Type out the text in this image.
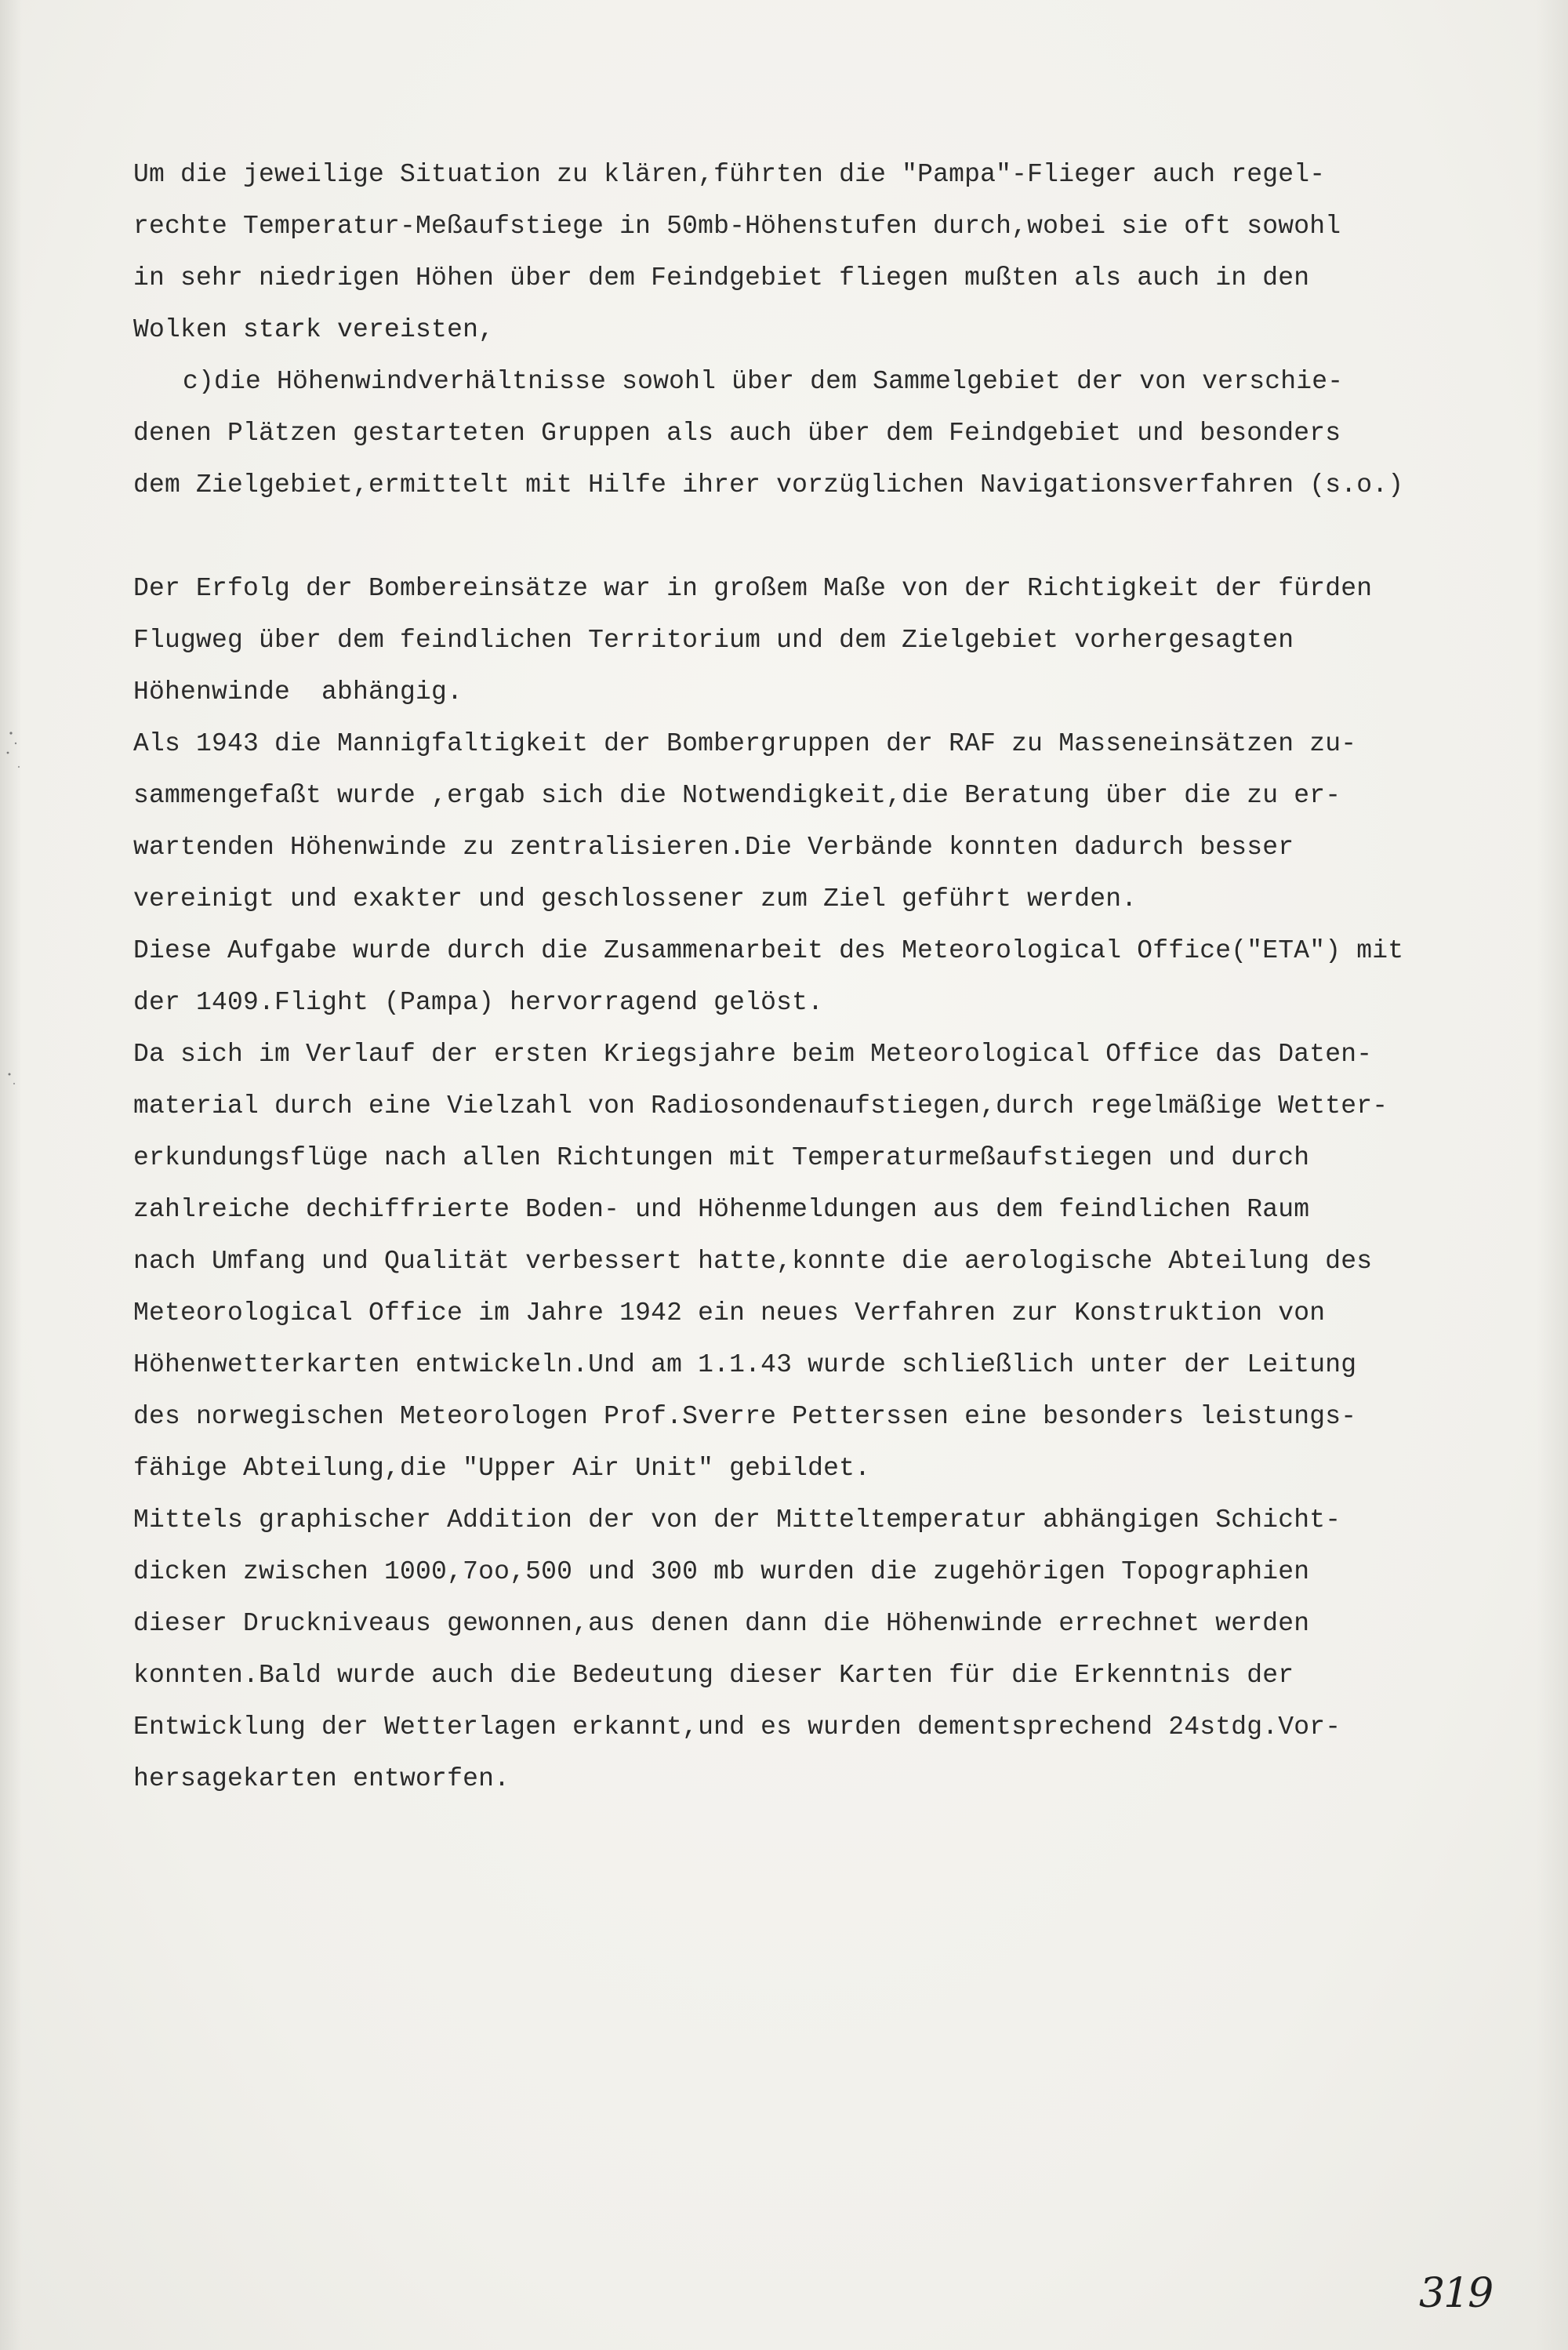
Um die jeweilige Situation zu klären,führten die "Pampa"-Flieger auch regel-
rechte Temperatur-Meßaufstiege in 50mb-Höhenstufen durch,wobei sie oft sowohl
in sehr niedrigen Höhen über dem Feindgebiet fliegen mußten als auch in den
Wolken stark vereisten,
c)die Höhenwindverhältnisse sowohl über dem Sammelgebiet der von verschie-
denen Plätzen gestarteten Gruppen als auch über dem Feindgebiet und besonders
dem Zielgebiet,ermittelt mit Hilfe ihrer vorzüglichen Navigationsverfahren (s.o.)
Der Erfolg der Bombereinsätze war in großem Maße von der Richtigkeit der fürden
Flugweg über dem feindlichen Territorium und dem Zielgebiet vorhergesagten
Höhenwinde  abhängig.
Als 1943 die Mannigfaltigkeit der Bombergruppen der RAF zu Masseneinsätzen zu-
sammengefaßt wurde ,ergab sich die Notwendigkeit,die Beratung über die zu er-
wartenden Höhenwinde zu zentralisieren.Die Verbände konnten dadurch besser
vereinigt und exakter und geschlossener zum Ziel geführt werden.
Diese Aufgabe wurde durch die Zusammenarbeit des Meteorological Office("ETA") mit
der 1409.Flight (Pampa) hervorragend gelöst.
Da sich im Verlauf der ersten Kriegsjahre beim Meteorological Office das Daten-
material durch eine Vielzahl von Radiosondenaufstiegen,durch regelmäßige Wetter-
erkundungsflüge nach allen Richtungen mit Temperaturmeßaufstiegen und durch
zahlreiche dechiffrierte Boden- und Höhenmeldungen aus dem feindlichen Raum
nach Umfang und Qualität verbessert hatte,konnte die aerologische Abteilung des
Meteorological Office im Jahre 1942 ein neues Verfahren zur Konstruktion von
Höhenwetterkarten entwickeln.Und am 1.1.43 wurde schließlich unter der Leitung
des norwegischen Meteorologen Prof.Sverre Petterssen eine besonders leistungs-
fähige Abteilung,die "Upper Air Unit" gebildet.
Mittels graphischer Addition der von der Mitteltemperatur abhängigen Schicht-
dicken zwischen 1000,7oo,500 und 300 mb wurden die zugehörigen Topographien
dieser Druckniveaus gewonnen,aus denen dann die Höhenwinde errechnet werden
konnten.Bald wurde auch die Bedeutung dieser Karten für die Erkenntnis der
Entwicklung der Wetterlagen erkannt,und es wurden dementsprechend 24stdg.Vor-
hersagekarten entworfen.
319
